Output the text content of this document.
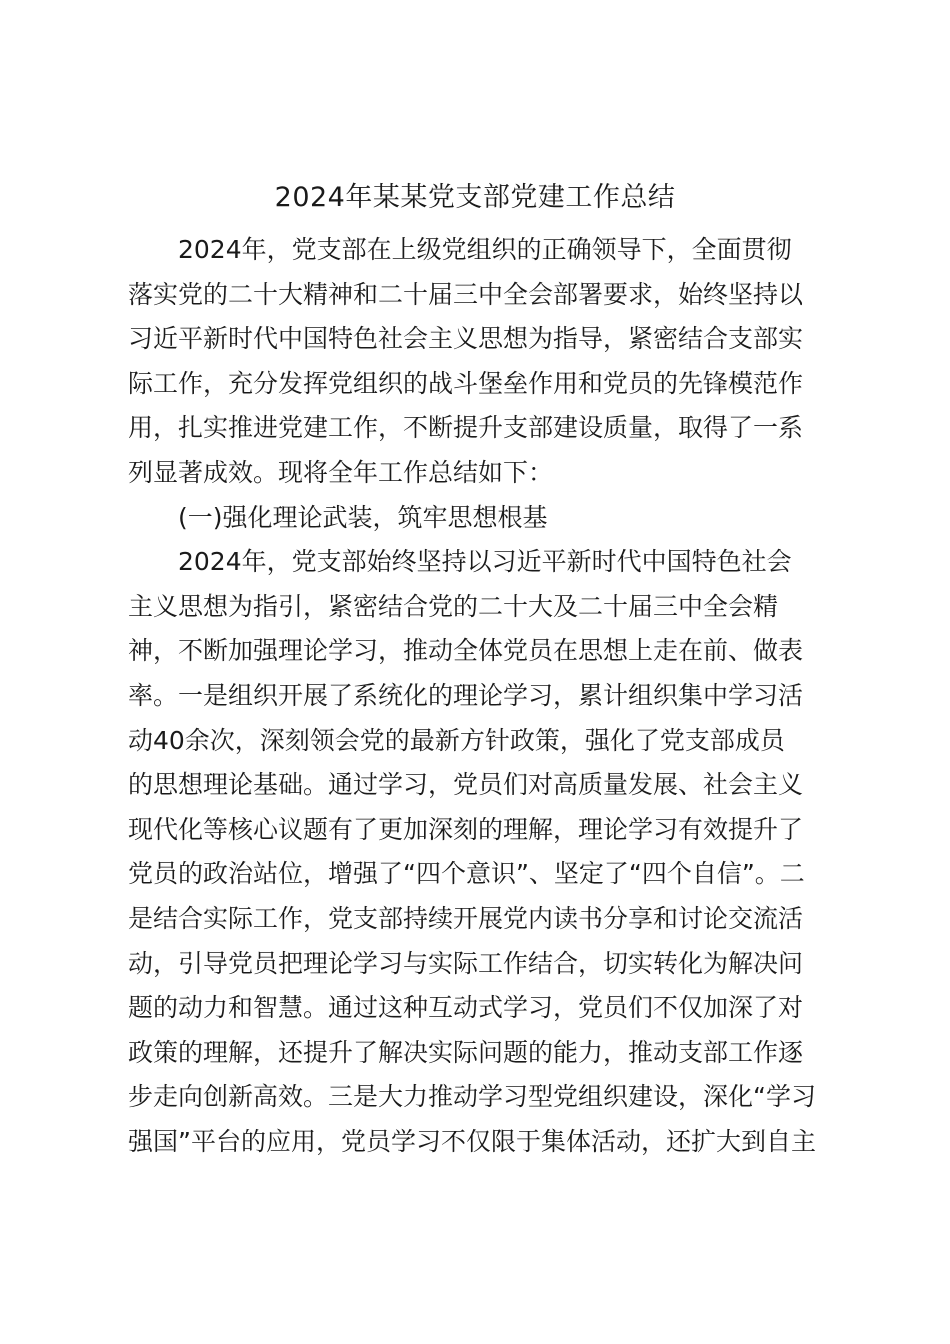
2024年某某党支部党建工作总结
2024年，党支部在上级党组织的正确领导下，全面贯彻
落实党的二十大精神和二十届三中全会部署要求，始终坚持以
习近平新时代中国特色社会主义思想为指导，紧密结合支部实
际工作，充分发挥党组织的战斗堡垒作用和党员的先锋模范作
用，扎实推进党建工作，不断提升支部建设质量，取得了一系
列显著成效。现将全年工作总结如下：
(一)强化理论武装，筑牢思想根基
2024年，党支部始终坚持以习近平新时代中国特色社会
主义思想为指引，紧密结合党的二十大及二十届三中全会精
神，不断加强理论学习，推动全体党员在思想上走在前、做表
率。一是组织开展了系统化的理论学习，累计组织集中学习活
动40余次，深刻领会党的最新方针政策，强化了党支部成员
的思想理论基础。通过学习，党员们对高质量发展、社会主义
现代化等核心议题有了更加深刻的理解，理论学习有效提升了
党员的政治站位，增强了“四个意识”、坚定了“四个自信”。二
是结合实际工作，党支部持续开展党内读书分享和讨论交流活
动，引导党员把理论学习与实际工作结合，切实转化为解决问
题的动力和智慧。通过这种互动式学习，党员们不仅加深了对
政策的理解，还提升了解决实际问题的能力，推动支部工作逐
步走向创新高效。三是大力推动学习型党组织建设，深化“学习
强国”平台的应用，党员学习不仅限于集体活动，还扩大到自主
